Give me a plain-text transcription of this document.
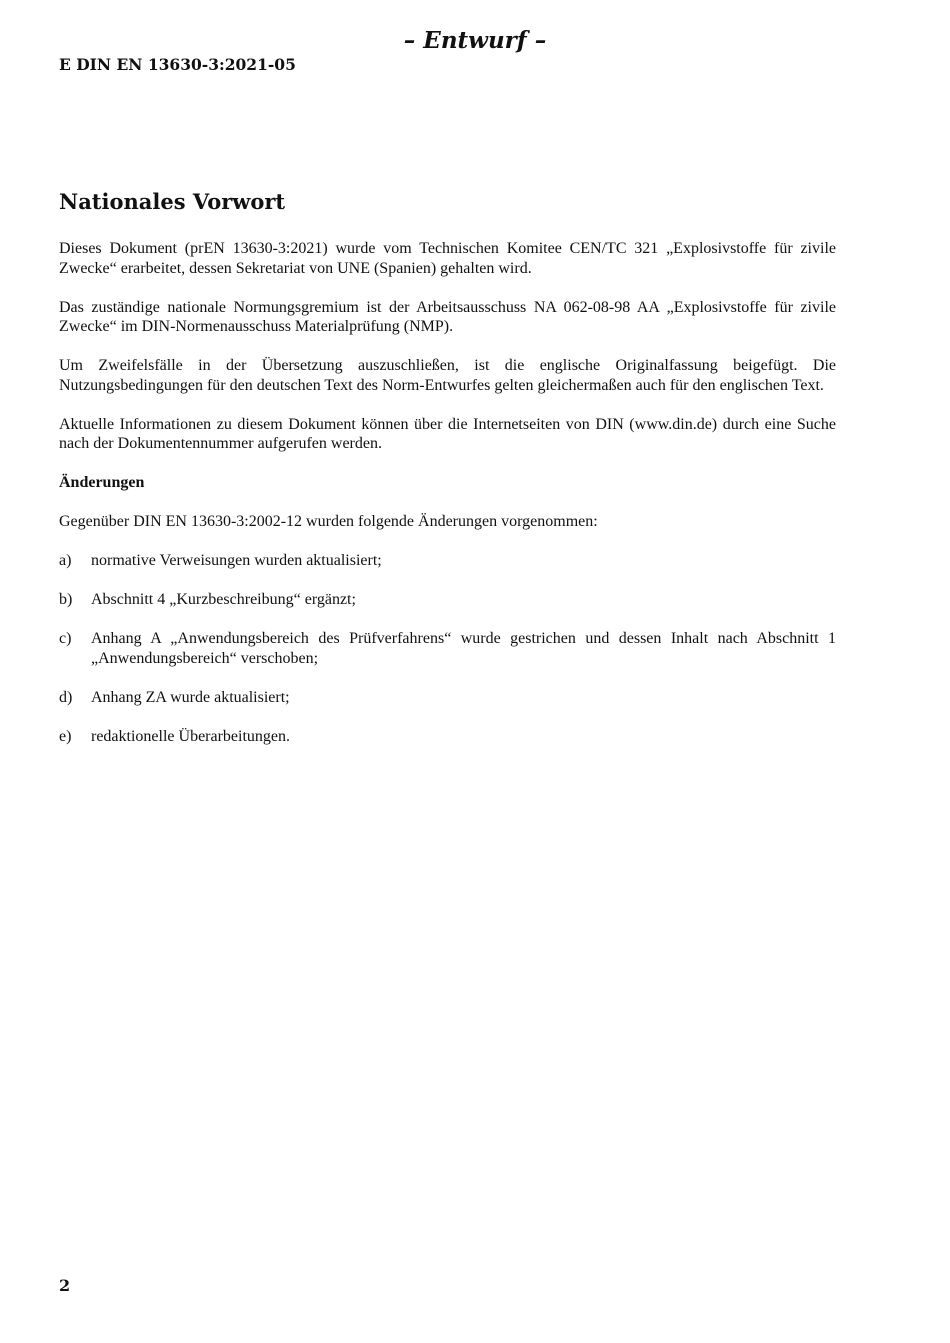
– Entwurf –
E DIN EN 13630-3:2021-05
Nationales Vorwort

Dieses Dokument (prEN 13630-3:2021) wurde vom Technischen Komitee CEN/TC 321 „Explosivstoffe für zivile Zwecke“ erarbeitet, dessen Sekretariat von UNE (Spanien) gehalten wird.

Das zuständige nationale Normungsgremium ist der Arbeitsausschuss NA 062-08-98 AA „Explosivstoffe für zivile Zwecke“ im DIN-Normenausschuss Materialprüfung (NMP).

Um Zweifelsfälle in der Übersetzung auszuschließen, ist die englische Originalfassung beigefügt. Die Nutzungsbedingungen für den deutschen Text des Norm-Entwurfes gelten gleichermaßen auch für den englischen Text.

Aktuelle Informationen zu diesem Dokument können über die Internetseiten von DIN (www.din.de) durch eine Suche nach der Dokumentennummer aufgerufen werden.

Änderungen

Gegenüber DIN EN 13630-3:2002-12 wurden folgende Änderungen vorgenommen:

a)	normative Verweisungen wurden aktualisiert;
b)	Abschnitt 4 „Kurzbeschreibung“ ergänzt;
c)	Anhang A „Anwendungsbereich des Prüfverfahrens“ wurde gestrichen und dessen Inhalt nach Abschnitt 1 „Anwendungsbereich“ verschoben;
d)	Anhang ZA wurde aktualisiert;
e)	redaktionelle Überarbeitungen.
2
